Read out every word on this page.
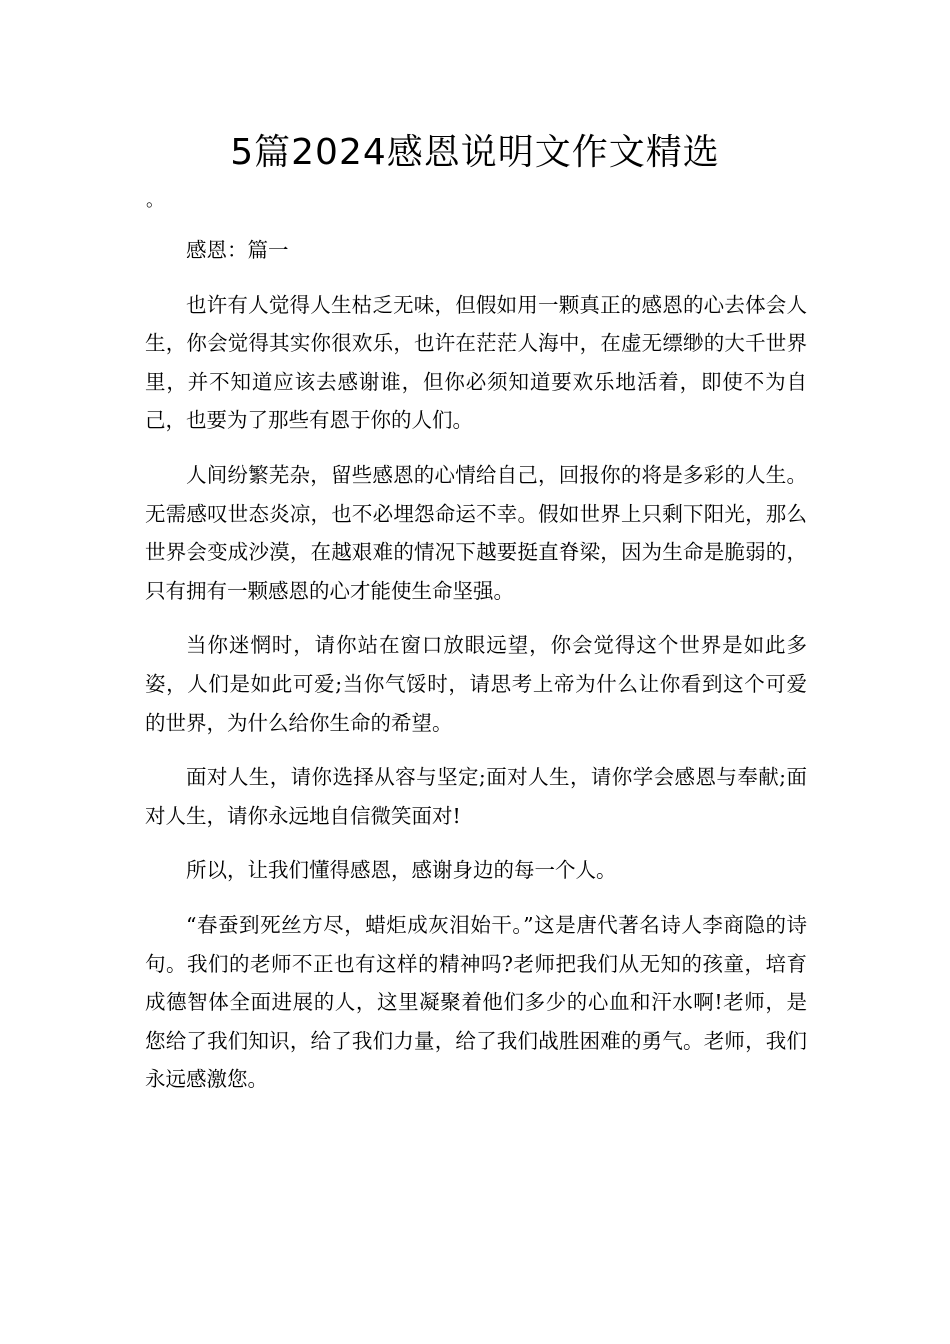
5篇2024感恩说明文作文精选
。

感恩：篇一

也许有人觉得人生枯乏无味，但假如用一颗真正的感恩的心去体会人生，你会觉得其实你很欢乐，也许在茫茫人海中，在虚无缥缈的大千世界里，并不知道应该去感谢谁，但你必须知道要欢乐地活着，即使不为自己，也要为了那些有恩于你的人们。

人间纷繁芜杂，留些感恩的心情给自己，回报你的将是多彩的人生。无需感叹世态炎凉，也不必埋怨命运不幸。假如世界上只剩下阳光，那么世界会变成沙漠，在越艰难的情况下越要挺直脊梁，因为生命是脆弱的，只有拥有一颗感恩的心才能使生命坚强。

当你迷惘时，请你站在窗口放眼远望，你会觉得这个世界是如此多姿，人们是如此可爱;当你气馁时，请思考上帝为什么让你看到这个可爱的世界，为什么给你生命的希望。

面对人生，请你选择从容与坚定;面对人生，请你学会感恩与奉献;面对人生，请你永远地自信微笑面对!

所以，让我们懂得感恩，感谢身边的每一个人。

“春蚕到死丝方尽，蜡炬成灰泪始干。”这是唐代著名诗人李商隐的诗句。我们的老师不正也有这样的精神吗?老师把我们从无知的孩童，培育成德智体全面进展的人，这里凝聚着他们多少的心血和汗水啊!老师，是您给了我们知识，给了我们力量，给了我们战胜困难的勇气。老师，我们永远感激您。
